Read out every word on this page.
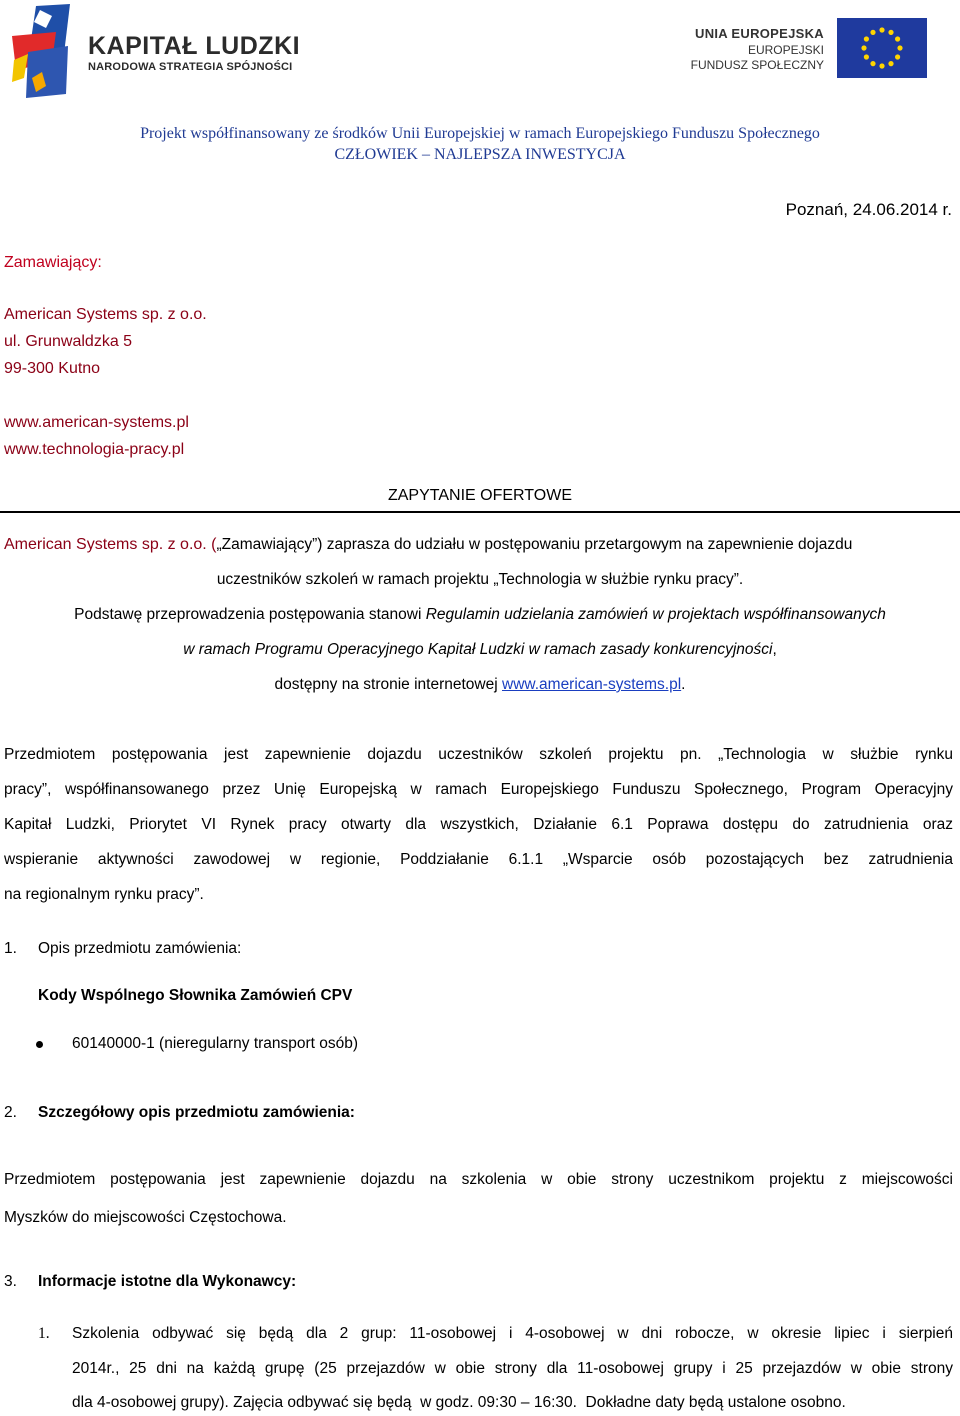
KAPITAŁ LUDZKI
NARODOWA STRATEGIA SPÓJNOŚCI
UNIA EUROPEJSKA
EUROPEJSKI
FUNDUSZ SPOŁECZNY
Projekt współfinansowany ze środków Unii Europejskiej w ramach Europejskiego Funduszu Społecznego
CZŁOWIEK – NAJLEPSZA INWESTYCJA
Poznań, 24.06.2014 r.
Zamawiający:
American Systems sp. z o.o.
ul. Grunwaldzka 5
99-300 Kutno
www.american-systems.pl
www.technologia-pracy.pl
ZAPYTANIE OFERTOWE
American Systems sp. z o.o. („Zamawiający”) zaprasza do udziału w postępowaniu przetargowym na zapewnienie dojazdu
uczestników szkoleń w ramach projektu „Technologia w służbie rynku pracy”.
Podstawę przeprowadzenia postępowania stanowi Regulamin udzielania zamówień w projektach współfinansowanych
w ramach Programu Operacyjnego Kapitał Ludzki w ramach zasady konkurencyjności,
dostępny na stronie internetowej www.american-systems.pl.
Przedmiotem postępowania jest zapewnienie dojazdu uczestników szkoleń projektu pn. „Technologia w służbie rynku
pracy”, współfinansowanego przez Unię Europejską w ramach Europejskiego Funduszu Społecznego, Program Operacyjny
Kapitał Ludzki, Priorytet VI Rynek pracy otwarty dla wszystkich, Działanie 6.1 Poprawa dostępu do zatrudnienia oraz
wspieranie aktywności zawodowej w regionie, Poddziałanie 6.1.1 „Wsparcie osób pozostających bez zatrudnienia
na regionalnym rynku pracy”.
1. Opis przedmiotu zamówienia:
Kody Wspólnego Słownika Zamówień CPV
60140000-1 (nieregularny transport osób)
2. Szczegółowy opis przedmiotu zamówienia:
Przedmiotem postępowania jest zapewnienie dojazdu na szkolenia w obie strony uczestnikom projektu z miejscowości
Myszków do miejscowości Częstochowa.
3. Informacje istotne dla Wykonawcy:
1. Szkolenia odbywać się będą dla 2 grup: 11-osobowej i 4-osobowej w dni robocze, w okresie lipiec i sierpień
2014r., 25 dni na każdą grupę (25 przejazdów w obie strony dla 11-osobowej grupy i 25 przejazdów w obie strony
dla 4-osobowej grupy). Zajęcia odbywać się będą  w godz. 09:30 – 16:30.  Dokładne daty będą ustalone osobno.
